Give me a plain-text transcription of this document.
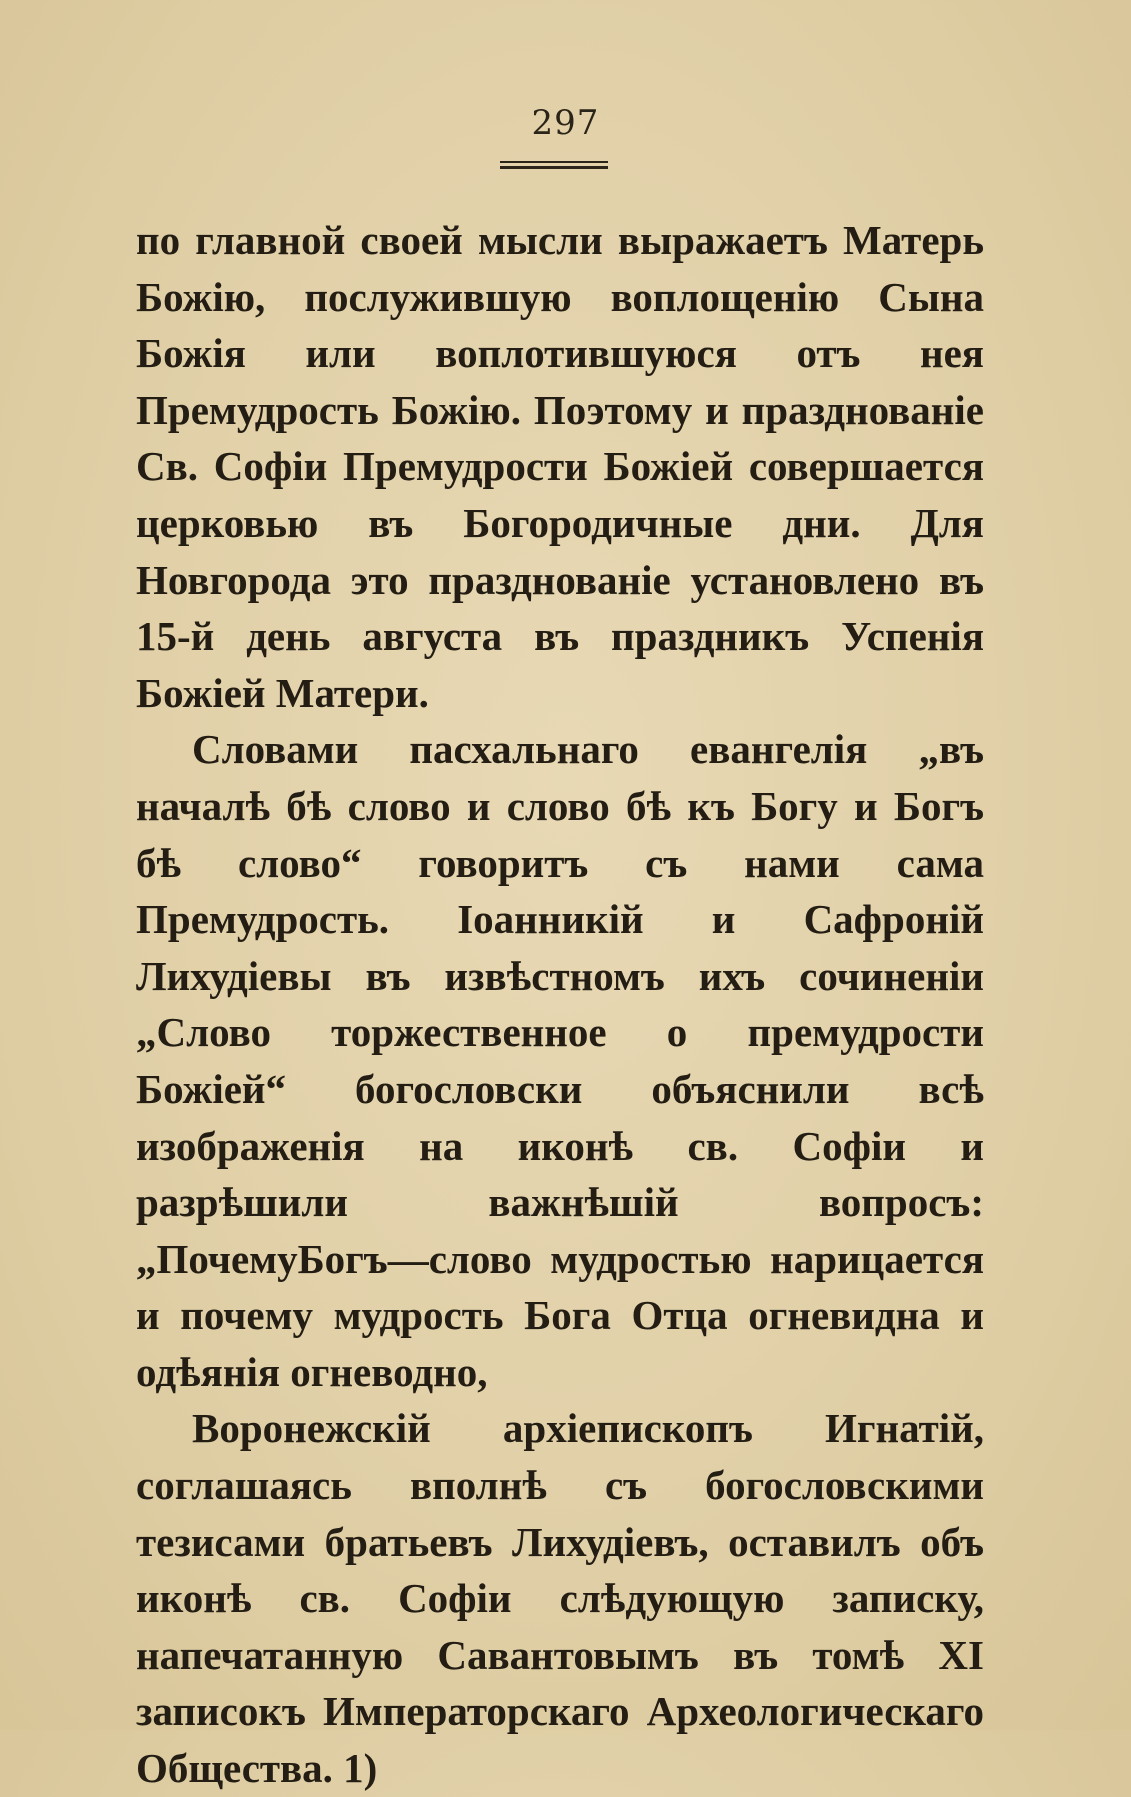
297

по главной своей мысли выражаетъ Матерь Божію, послужившую воплощенію Сына Божія или воплотившуюся отъ нея Премудрость Божію. Поэтому и празднованіе Св. Софіи Премудрости Божіей совершается церковью въ Богородичные дни. Для Новгорода это празднованіе установлено въ 15-й день августа въ праздникъ Успенія Божіей Матери.

Словами пасхальнаго евангелія „въ началѣ бѣ слово и слово бѣ къ Богу и Богъ бѣ слово“ говоритъ съ нами сама Премудрость. Іоанникій и Сафроній Лихудіевы въ извѣстномъ ихъ сочиненіи „Слово торжественное о премудрости Божіей“ богословски объяснили всѣ изображенія на иконѣ св. Софіи и разрѣшили важнѣшій вопросъ: „ПочемуБогъ—слово мудростью нарицается и почему мудрость Бога Отца огневидна и одѣянія огневодно,

Воронежскій архіепископъ Игнатій, соглашаясь вполнѣ съ богословскими тезисами братьевъ Лихудіевъ, оставилъ объ иконѣ св. Софіи слѣдующую записку, напечатанную Савантовымъ въ томѣ XI записокъ Императорскаго Археологическаго Общества. 1)
